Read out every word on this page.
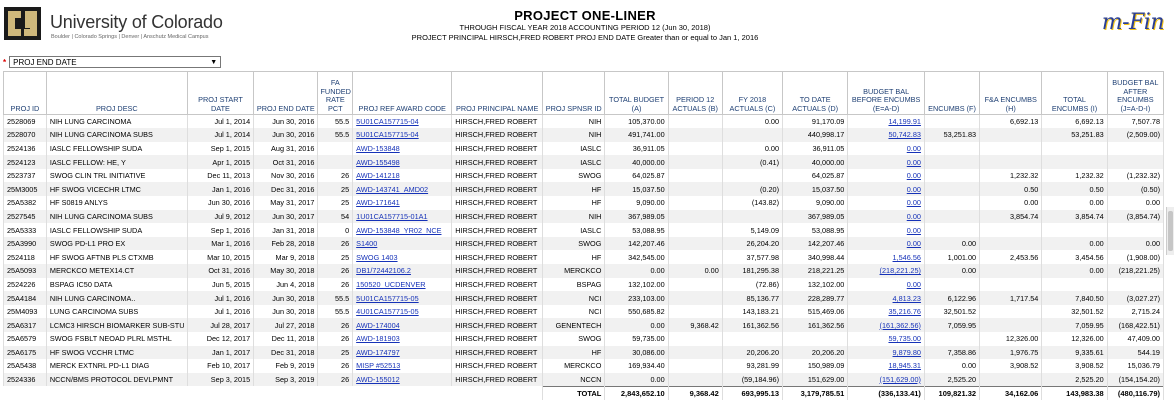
University of Colorado
Boulder | Colorado Springs | Denver | Anschutz Medical Campus
PROJECT ONE-LINER
THROUGH FISCAL YEAR 2018 ACCOUNTING PERIOD 12 (Jun 30, 2018)
PROJECT PRINCIPAL HIRSCH,FRED ROBERT PROJ END DATE Greater than or equal to Jan 1, 2016
m-Fin
* PROJ END DATE	▼
PROJ ID	PROJ DESC	PROJ START DATE	PROJ END DATE	FA FUNDED RATE PCT	PROJ REF AWARD CODE	PROJ PRINCIPAL NAME	PROJ SPNSR ID	TOTAL BUDGET (A)	PERIOD 12 ACTUALS (B)	FY 2018 ACTUALS (C)	TO DATE ACTUALS (D)	BUDGET BAL BEFORE ENCUMBS (E=A-D)	ENCUMBS (F)	F&A ENCUMBS (H)	TOTAL ENCUMBS (I)	BUDGET BAL AFTER ENCUMBS (J=A-D-I)
2528069	NIH LUNG CARCINOMA	Jul 1, 2014	Jun 30, 2016	55.5	5U01CA157715-04	HIRSCH,FRED ROBERT	NIH	105,370.00		0.00	91,170.09	14,199.91		6,692.13	6,692.13	7,507.78
2528070	NIH LUNG CARCINOMA SUBS	Jul 1, 2014	Jun 30, 2016	55.5	5U01CA157715-04	HIRSCH,FRED ROBERT	NIH	491,741.00			440,998.17	50,742.83	53,251.83		53,251.83	(2,509.00)
2524136	IASLC FELLOWSHIP SUDA	Sep 1, 2015	Aug 31, 2016		AWD-153848	HIRSCH,FRED ROBERT	IASLC	36,911.05		0.00	36,911.05	0.00				
2524123	IASLC FELLOW: HE, Y	Apr 1, 2015	Oct 31, 2016		AWD-155498	HIRSCH,FRED ROBERT	IASLC	40,000.00		(0.41)	40,000.00	0.00				
2523737	SWOG CLIN TRL INITIATIVE	Dec 11, 2013	Nov 30, 2016	26	AWD-141218	HIRSCH,FRED ROBERT	SWOG	64,025.87			64,025.87	0.00		1,232.32	1,232.32	(1,232.32)
25M3005	HF SWOG VICECHR LTMC	Jan 1, 2016	Dec 31, 2016	25	AWD-143741_AMD02	HIRSCH,FRED ROBERT	HF	15,037.50		(0.20)	15,037.50	0.00		0.50	0.50	(0.50)
25A5382	HF S0819 ANLYS	Jun 30, 2016	May 31, 2017	25	AWD-171641	HIRSCH,FRED ROBERT	HF	9,090.00		(143.82)	9,090.00	0.00		0.00	0.00	0.00
2527545	NIH LUNG CARCINOMA SUBS	Jul 9, 2012	Jun 30, 2017	54	1U01CA157715-01A1	HIRSCH,FRED ROBERT	NIH	367,989.05			367,989.05	0.00		3,854.74	3,854.74	(3,854.74)
25A5333	IASLC FELLOWSHIP SUDA	Sep 1, 2016	Jan 31, 2018	0	AWD-153848_YR02_NCE	HIRSCH,FRED ROBERT	IASLC	53,088.95		5,149.09	53,088.95	0.00				
25A3990	SWOG PD-L1 PRO EX	Mar 1, 2016	Feb 28, 2018	26	S1400	HIRSCH,FRED ROBERT	SWOG	142,207.46		26,204.20	142,207.46	0.00	0.00		0.00	0.00
2524118	HF SWOG AFTNB PLS CTXMB	Mar 10, 2015	Mar 9, 2018	25	SWOG 1403	HIRSCH,FRED ROBERT	HF	342,545.00		37,577.98	340,998.44	1,546.56	1,001.00	2,453.56	3,454.56	(1,908.00)
25A5093	MERCKCO METEX14.CT	Oct 31, 2016	May 30, 2018	26	DB1/72442106.2	HIRSCH,FRED ROBERT	MERCKCO	0.00	0.00	181,295.38	218,221.25	(218,221.25)	0.00		0.00	(218,221.25)
2524226	BSPAG IC50 DATA	Jun 5, 2015	Jun 4, 2018	26	150520_UCDENVER	HIRSCH,FRED ROBERT	BSPAG	132,102.00		(72.86)	132,102.00	0.00				
25A4184	NIH LUNG CARCINOMA..	Jul 1, 2016	Jun 30, 2018	55.5	5U01CA157715-05	HIRSCH,FRED ROBERT	NCI	233,103.00		85,136.77	228,289.77	4,813.23	6,122.96	1,717.54	7,840.50	(3,027.27)
25M4093	LUNG CARCINOMA SUBS	Jul 1, 2016	Jun 30, 2018	55.5	4U01CA157715-05	HIRSCH,FRED ROBERT	NCI	550,685.82		143,183.21	515,469.06	35,216.76	32,501.52		32,501.52	2,715.24
25A6317	LCMC3 HIRSCH BIOMARKER SUB-STU	Jul 28, 2017	Jul 27, 2018	26	AWD-174004	HIRSCH,FRED ROBERT	GENENTECH	0.00	9,368.42	161,362.56	161,362.56	(161,362.56)	7,059.95		7,059.95	(168,422.51)
25A6579	SWOG FSBLT NEOAD PLRL MSTHL	Dec 12, 2017	Dec 11, 2018	26	AWD-181903	HIRSCH,FRED ROBERT	SWOG	59,735.00				59,735.00		12,326.00	12,326.00	47,409.00
25A6175	HF SWOG VCCHR LTMC	Jan 1, 2017	Dec 31, 2018	25	AWD-174797	HIRSCH,FRED ROBERT	HF	30,086.00		20,206.20	20,206.20	9,879.80	7,358.86	1,976.75	9,335.61	544.19
25A5438	MERCK EXTNRL PD-L1 DIAG	Feb 10, 2017	Feb 9, 2019	26	MISP #52513	HIRSCH,FRED ROBERT	MERCKCO	169,934.40		93,281.99	150,989.09	18,945.31	0.00	3,908.52	3,908.52	15,036.79
2524336	NCCN/BMS PROTOCOL DEVLPMNT	Sep 3, 2015	Sep 3, 2019	26	AWD-155012	HIRSCH,FRED ROBERT	NCCN	0.00		(59,184.96)	151,629.00	(151,629.00)	2,525.20		2,525.20	(154,154.20)
							TOTAL	2,843,652.10	9,368.42	693,995.13	3,179,785.51	(336,133.41)	109,821.32	34,162.06	143,983.38	(480,116.79)
